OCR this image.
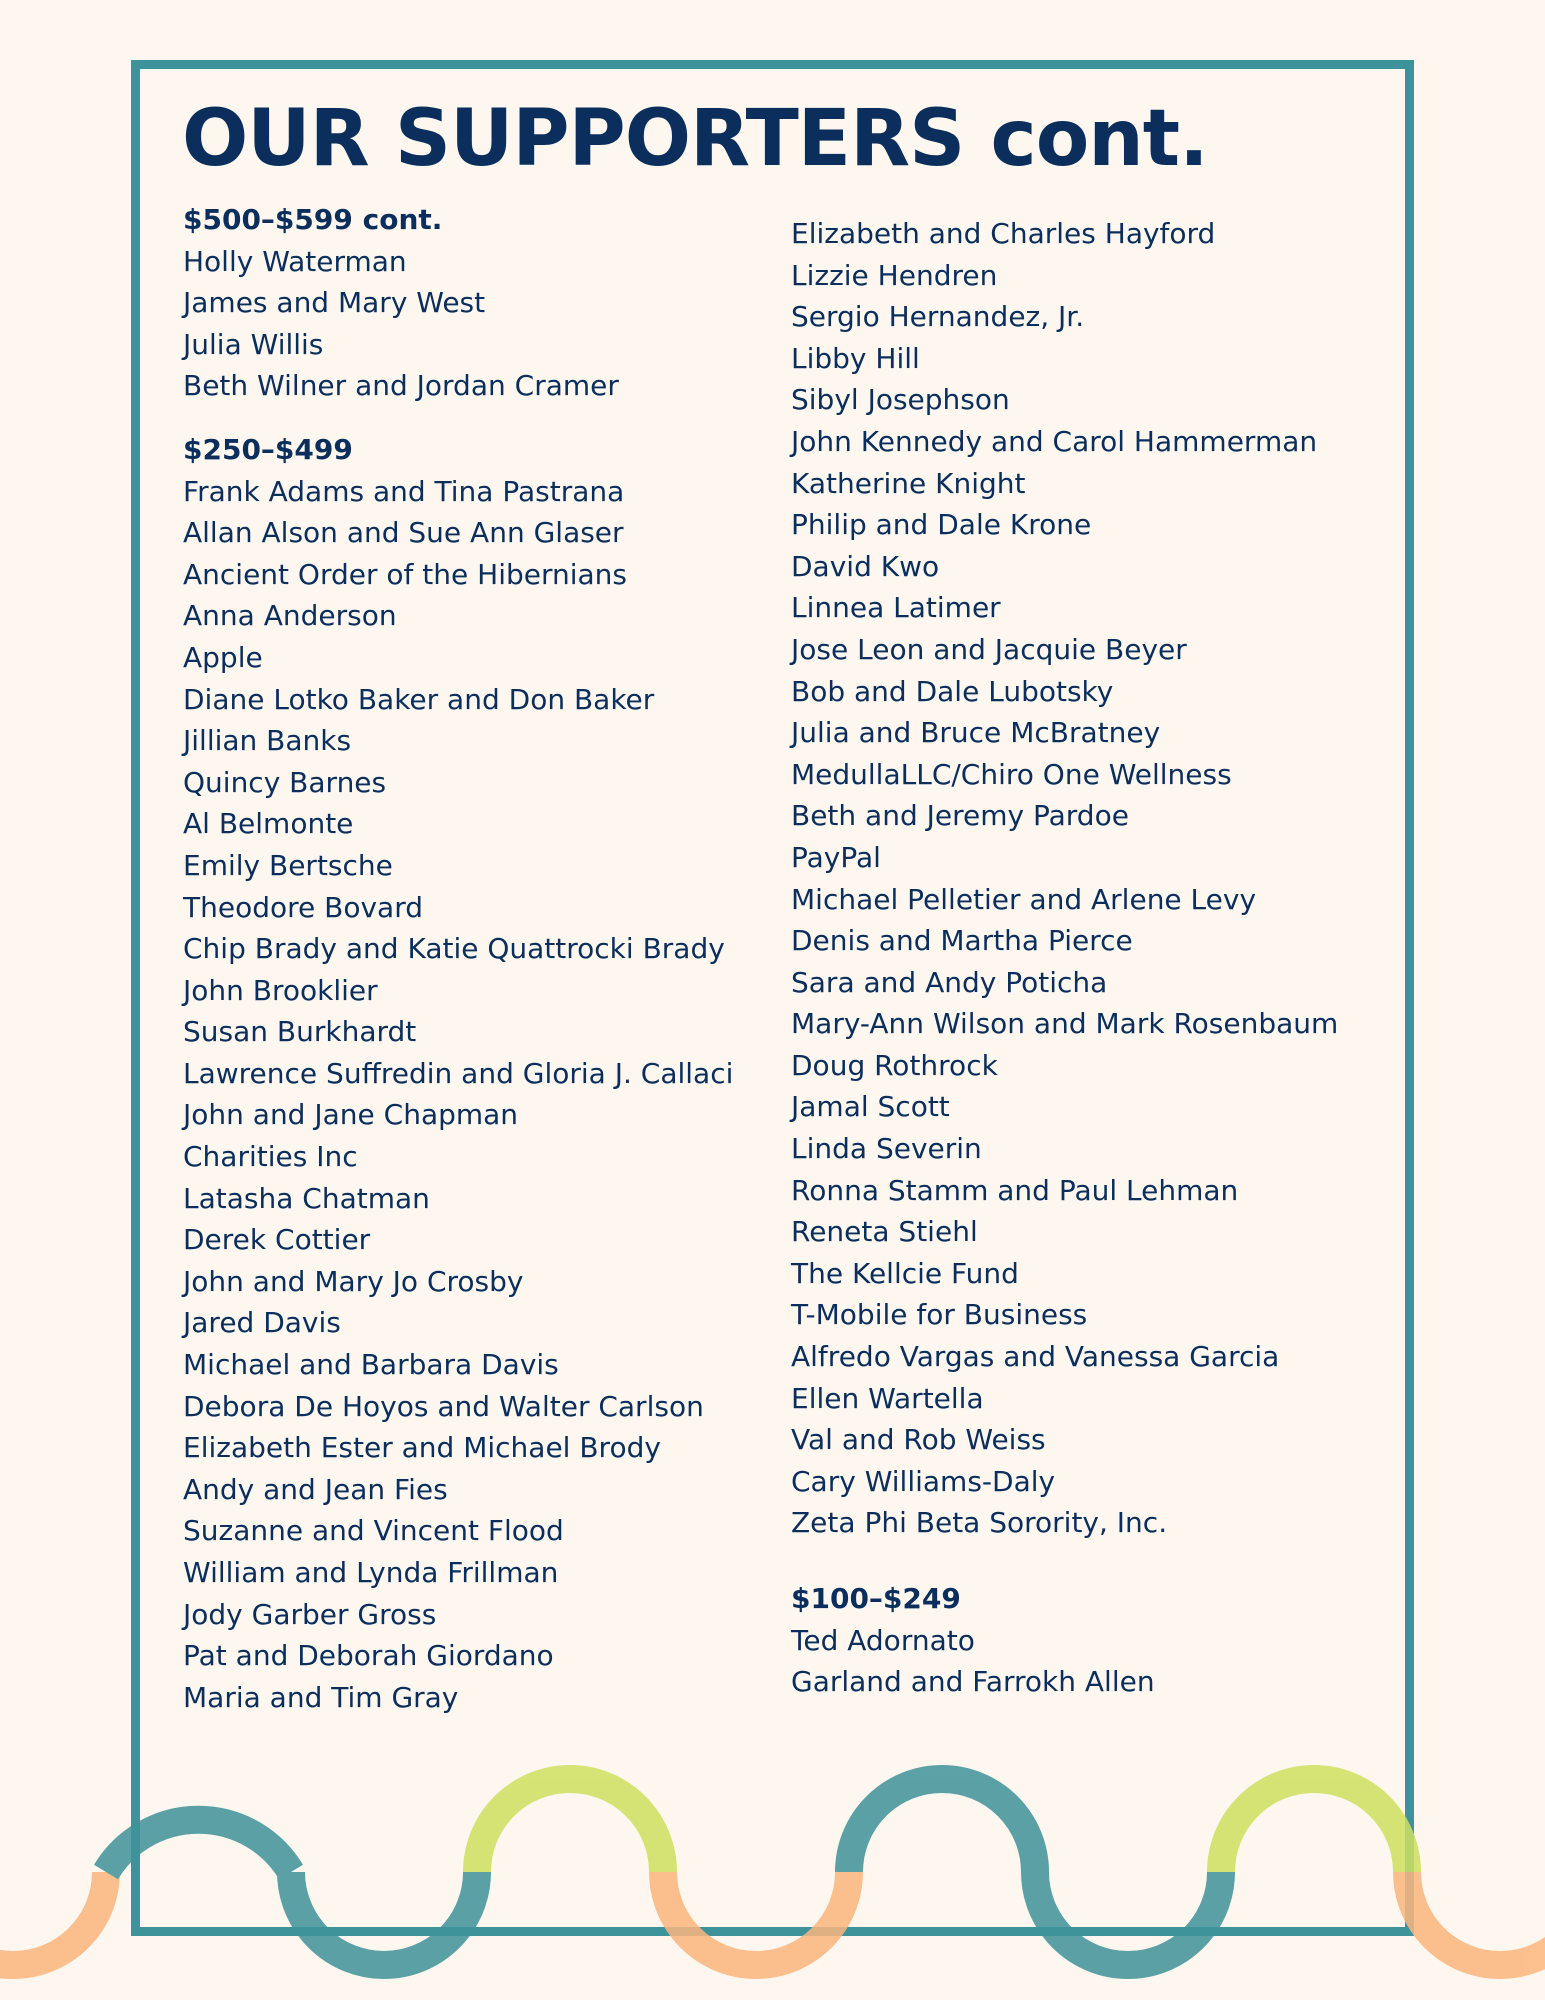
OUR SUPPORTERS cont.
$500–$599 cont.
Holly Waterman
James and Mary West
Julia Willis
Beth Wilner and Jordan Cramer
$250–$499
Frank Adams and Tina Pastrana
Allan Alson and Sue Ann Glaser
Ancient Order of the Hibernians
Anna Anderson
Apple
Diane Lotko Baker and Don Baker
Jillian Banks
Quincy Barnes
Al Belmonte
Emily Bertsche
Theodore Bovard
Chip Brady and Katie Quattrocki Brady
John Brooklier
Susan Burkhardt
Lawrence Suffredin and Gloria J. Callaci
John and Jane Chapman
Charities Inc
Latasha Chatman
Derek Cottier
John and Mary Jo Crosby
Jared Davis
Michael and Barbara Davis
Debora De Hoyos and Walter Carlson
Elizabeth Ester and Michael Brody
Andy and Jean Fies
Suzanne and Vincent Flood
William and Lynda Frillman
Jody Garber Gross
Pat and Deborah Giordano
Maria and Tim Gray
Elizabeth and Charles Hayford
Lizzie Hendren
Sergio Hernandez, Jr.
Libby Hill
Sibyl Josephson
John Kennedy and Carol Hammerman
Katherine Knight
Philip and Dale Krone
David Kwo
Linnea Latimer
Jose Leon and Jacquie Beyer
Bob and Dale Lubotsky
Julia and Bruce McBratney
MedullaLLC/Chiro One Wellness
Beth and Jeremy Pardoe
PayPal
Michael Pelletier and Arlene Levy
Denis and Martha Pierce
Sara and Andy Poticha
Mary-Ann Wilson and Mark Rosenbaum
Doug Rothrock
Jamal Scott
Linda Severin
Ronna Stamm and Paul Lehman
Reneta Stiehl
The Kellcie Fund
T-Mobile for Business
Alfredo Vargas and Vanessa Garcia
Ellen Wartella
Val and Rob Weiss
Cary Williams-Daly
Zeta Phi Beta Sorority, Inc.
$100–$249
Ted Adornato
Garland and Farrokh Allen
